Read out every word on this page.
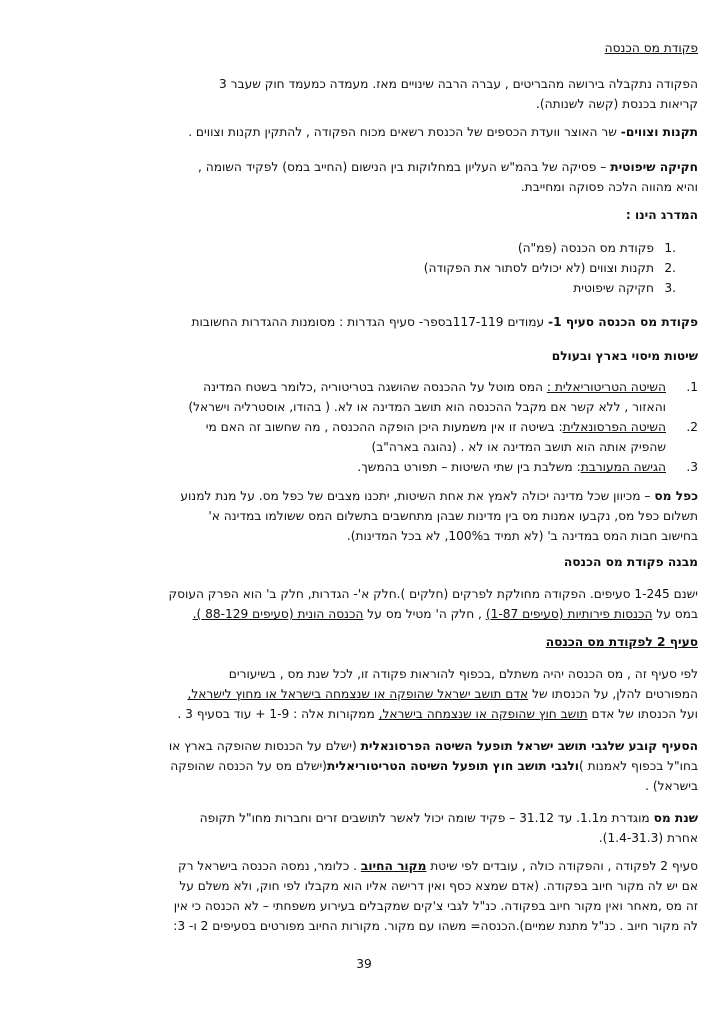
פקודת מס הכנסה

הפקודה נתקבלה בירושה מהבריטים , עברה הרבה שינויים מאז. מעמדה כמעמד חוק שעבר 3

קריאות בכנסת (קשה לשנותה).

תקנות וצווים- שר האוצר וועדת הכספים של הכנסת רשאים מכוח הפקודה , להתקין תקנות וצווים .

חקיקה שיפוטית – פסיקה של בהמ"ש העליון במחלוקות בין הנישום (החייב במס) לפקיד השומה ,

והיא מהווה הלכה פסוקה ומחייבת.

המדרג הינו :

.1
פקודת מס הכנסה (פמ"ה)
.2
תקנות וצווים (לא יכולים לסתור את הפקודה)
.3
חקיקה שיפוטית

פקודת מס הכנסה סעיף 1- עמודים 117-119בספר- סעיף הגדרות : מסומנות ההגדרות החשובות

שיטות מיסוי בארץ ובעולם

1.

השיטה הטריטוריאלית : המס מוטל על ההכנסה שהושגה בטריטוריה ,כלומר בשטח המדינה

והאזור , ללא קשר אם מקבל ההכנסה הוא תושב המדינה או לא. ( בהודו, אוסטרליה וישראל)

2.

השיטה הפרסונאלית: בשיטה זו אין משמעות היכן הופקה ההכנסה , מה שחשוב זה האם מי

שהפיק אותה הוא תושב המדינה או לא . (נהוגה בארה"ב)

3.

הגישה המעורבת: משלבת בין שתי השיטות – תפורט בהמשך.

כפל מס – מכיוון שכל מדינה יכולה לאמץ את אחת השיטות, יתכנו מצבים של כפל מס. על מנת למנוע

תשלום כפל מס, נקבעו אמנות מס בין מדינות שבהן מתחשבים בתשלום המס ששולמו במדינה א'

בחישוב חבות המס במדינה ב' (לא תמיד ב100%, לא בכל המדינות).

מבנה פקודת מס הכנסה

ישנם 1-245 סעיפים. הפקודה מחולקת לפרקים (חלקים ).חלק א'- הגדרות, חלק ב' הוא הפרק העוסק

במס על הכנסות פירותיות (סעיפים 1-87) , חלק ה' מטיל מס על הכנסה הונית (סעיפים 88-129 ).

סעיף 2 לפקודת מס הכנסה

לפי סעיף זה , מס הכנסה יהיה משתלם ,בכפוף להוראות פקודה זו, לכל שנת מס , בשיעורים

המפורטים להלן, על הכנסתו של אדם תושב ישראל שהופקה או שנצמחה בישראל או מחוץ לישראל,

ועל הכנסתו של אדם תושב חוץ שהופקה או שנצמחה בישראל, ממקורות אלה : 1-9 + עוד בסעיף 3 .

הסעיף קובע שלגבי תושב ישראל תופעל השיטה הפרסונאלית (ישלם על הכנסות שהופקה בארץ או

בחו"ל בכפוף לאמנות )ולגבי תושב חוץ תופעל השיטה הטריטוריאלית(ישלם מס על הכנסה שהופקה

בישראל) .

שנת מס מוגדרת מ1.1. עד 31.12 – פקיד שומה יכול לאשר לתושבים זרים וחברות מחו"ל תקופה

אחרת (1.4-31.3).

סעיף 2 לפקודה , והפקודה כולה , עובדים לפי שיטת מקור החיוב . כלומר, נמסה הכנסה בישראל רק

אם יש לה מקור חיוב בפקודה. (אדם שמצא כסף ואין דרישה אליו הוא מקבלו לפי חוק, ולא משלם על

זה מס ,מאחר ואין מקור חיוב בפקודה. כנ"ל לגבי צ'קים שמקבלים בעירוע משפחתי – לא הכנסה כי אין

לה מקור חיוב . כנ"ל מתנת שמיים).הכנסה= משהו עם מקור. מקורות החיוב מפורטים בסעיפים 2 ו- 3:

39
